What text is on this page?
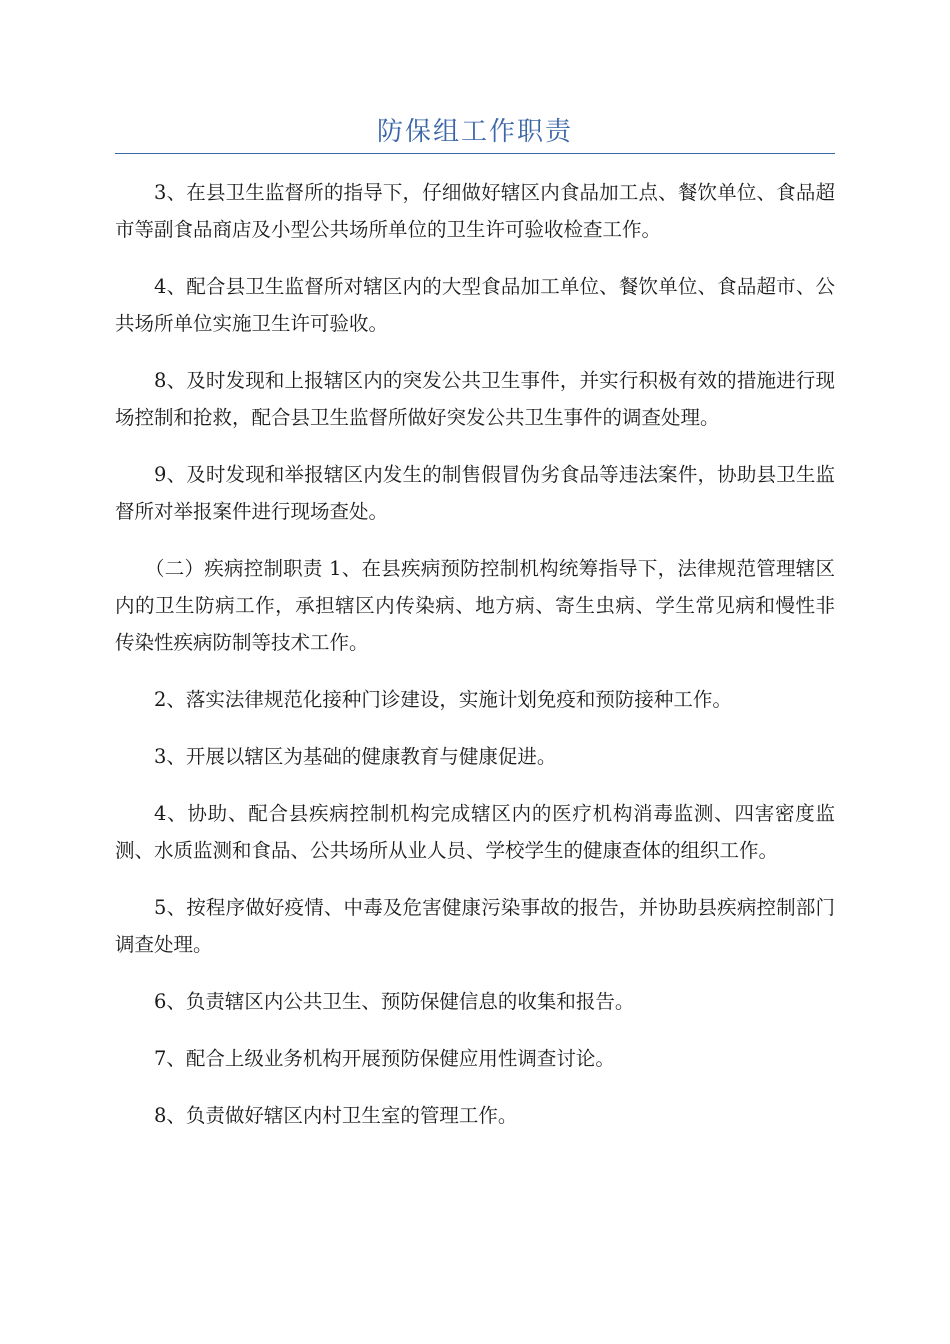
防保组工作职责

3、在县卫生监督所的指导下，仔细做好辖区内食品加工点、餐饮单位、食品超市等副食品商店及小型公共场所单位的卫生许可验收检查工作。

4、配合县卫生监督所对辖区内的大型食品加工单位、餐饮单位、食品超市、公共场所单位实施卫生许可验收。

8、及时发现和上报辖区内的突发公共卫生事件，并实行积极有效的措施进行现场控制和抢救，配合县卫生监督所做好突发公共卫生事件的调查处理。

9、及时发现和举报辖区内发生的制售假冒伪劣食品等违法案件，协助县卫生监督所对举报案件进行现场查处。

（二）疾病控制职责 1、在县疾病预防控制机构统筹指导下，法律规范管理辖区内的卫生防病工作，承担辖区内传染病、地方病、寄生虫病、学生常见病和慢性非传染性疾病防制等技术工作。

2、落实法律规范化接种门诊建设，实施计划免疫和预防接种工作。

3、开展以辖区为基础的健康教育与健康促进。

4、协助、配合县疾病控制机构完成辖区内的医疗机构消毒监测、四害密度监测、水质监测和食品、公共场所从业人员、学校学生的健康查体的组织工作。

5、按程序做好疫情、中毒及危害健康污染事故的报告，并协助县疾病控制部门调查处理。

6、负责辖区内公共卫生、预防保健信息的收集和报告。

7、配合上级业务机构开展预防保健应用性调查讨论。

8、负责做好辖区内村卫生室的管理工作。
